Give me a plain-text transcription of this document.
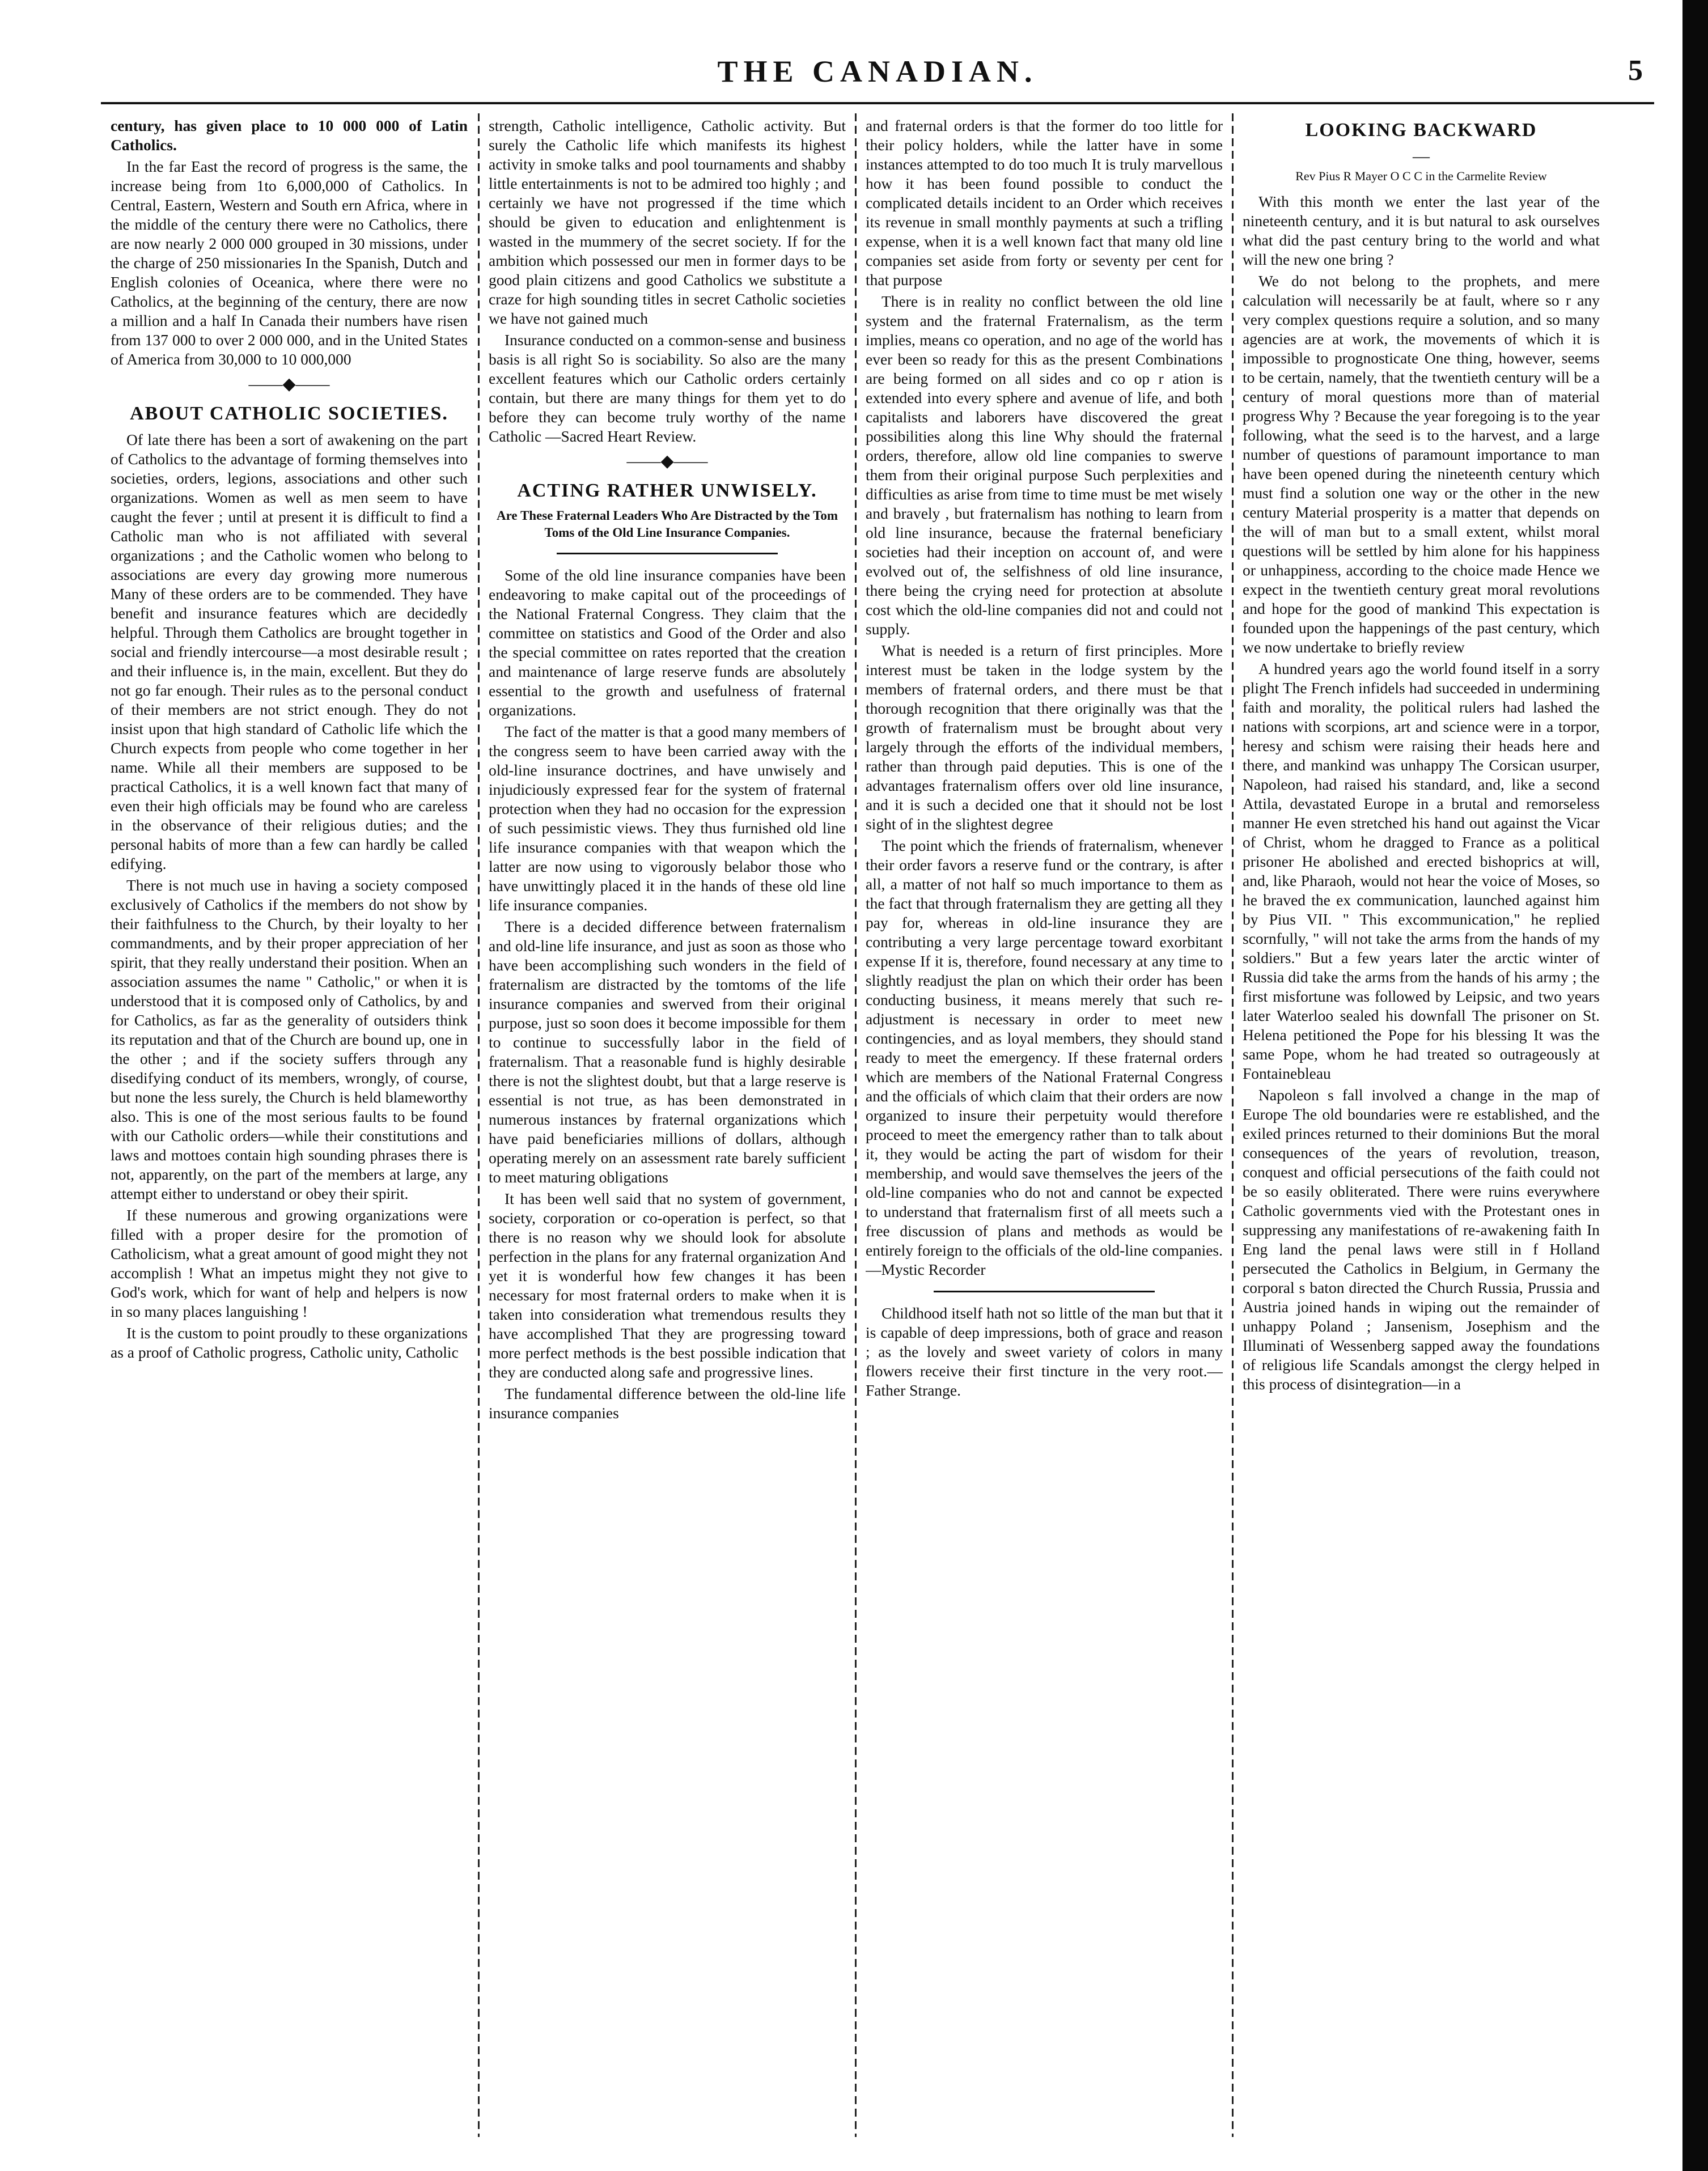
THE CANADIAN.	5

century, has given place to 10 000 000 of Latin Catholics.

In the far East the record of progress is the same, the increase being from 1to 6,000,000 of Catholics. In Central, Eastern, Western and South ern Africa, where in the middle of the century there were no Catholics, there are now nearly 2 000 000 grouped in 30 missions, under the charge of 250 missionaries In the Spanish, Dutch and English colonies of Oceanica, where there were no Catholics, at the beginning of the century, there are now a million and a half In Canada their numbers have risen from 137 000 to over 2 000 000, and in the United States of America from 30,000 to 10 000,000

——◆——
ABOUT CATHOLIC SOCIETIES.

Of late there has been a sort of awakening on the part of Catholics to the advantage of forming themselves into societies, orders, legions, associations and other such organizations. Women as well as men seem to have caught the fever ; until at present it is difficult to find a Catholic man who is not affiliated with several organizations ; and the Catholic women who belong to associations are every day growing more numerous Many of these orders are to be commended. They have benefit and insurance features which are decidedly helpful. Through them Catholics are brought together in social and friendly intercourse—a most desirable result ; and their influence is, in the main, excellent. But they do not go far enough. Their rules as to the personal conduct of their members are not strict enough. They do not insist upon that high standard of Catholic life which the Church expects from people who come together in her name. While all their members are supposed to be practical Catholics, it is a well known fact that many of even their high officials may be found who are careless in the observance of their religious duties; and the personal habits of more than a few can hardly be called edifying.

There is not much use in having a society composed exclusively of Catholics if the members do not show by their faithfulness to the Church, by their loyalty to her commandments, and by their proper appreciation of her spirit, that they really understand their position. When an association assumes the name " Catholic," or when it is understood that it is composed only of Catholics, by and for Catholics, as far as the generality of outsiders think its reputation and that of the Church are bound up, one in the other ; and if the society suffers through any disedifying conduct of its members, wrongly, of course, but none the less surely, the Church is held blameworthy also. This is one of the most serious faults to be found with our Catholic orders—while their constitutions and laws and mottoes contain high sounding phrases there is not, apparently, on the part of the members at large, any attempt either to understand or obey their spirit.

If these numerous and growing organizations were filled with a proper desire for the promotion of Catholicism, what a great amount of good might they not accomplish ! What an impetus might they not give to God's work, which for want of help and helpers is now in so many places languishing !

It is the custom to point proudly to these organizations as a proof of Catholic progress, Catholic unity, Catholic

strength, Catholic intelligence, Catholic activity. But surely the Catholic life which manifests its highest activity in smoke talks and pool tournaments and shabby little entertainments is not to be admired too highly ; and certainly we have not progressed if the time which should be given to education and enlightenment is wasted in the mummery of the secret society. If for the ambition which possessed our men in former days to be good plain citizens and good Catholics we substitute a craze for high sounding titles in secret Catholic societies we have not gained much

Insurance conducted on a common-sense and business basis is all right So is sociability. So also are the many excellent features which our Catholic orders certainly contain, but there are many things for them yet to do before they can become truly worthy of the name Catholic —Sacred Heart Review.

——◆——
ACTING RATHER UNWISELY.
Are These Fraternal Leaders Who Are Distracted by the Tom Toms of the Old Line Insurance Companies.

Some of the old line insurance companies have been endeavoring to make capital out of the proceedings of the National Fraternal Congress. They claim that the committee on statistics and Good of the Order and also the special committee on rates reported that the creation and maintenance of large reserve funds are absolutely essential to the growth and usefulness of fraternal organizations.

The fact of the matter is that a good many members of the congress seem to have been carried away with the old-line insurance doctrines, and have unwisely and injudiciously expressed fear for the system of fraternal protection when they had no occasion for the expression of such pessimistic views. They thus furnished old line life insurance companies with that weapon which the latter are now using to vigorously belabor those who have unwittingly placed it in the hands of these old line life insurance companies.

There is a decided difference between fraternalism and old-line life insurance, and just as soon as those who have been accomplishing such wonders in the field of fraternalism are distracted by the tomtoms of the life insurance companies and swerved from their original purpose, just so soon does it become impossible for them to continue to successfully labor in the field of fraternalism. That a reasonable fund is highly desirable there is not the slightest doubt, but that a large reserve is essential is not true, as has been demonstrated in numerous instances by fraternal organizations which have paid beneficiaries millions of dollars, although operating merely on an assessment rate barely sufficient to meet maturing obligations

It has been well said that no system of government, society, corporation or co-operation is perfect, so that there is no reason why we should look for absolute perfection in the plans for any fraternal organization And yet it is wonderful how few changes it has been necessary for most fraternal orders to make when it is taken into consideration what tremendous results they have accomplished That they are progressing toward more perfect methods is the best possible indication that they are conducted along safe and progressive lines.

The fundamental difference between the old-line life insurance companies

and fraternal orders is that the former do too little for their policy holders, while the latter have in some instances attempted to do too much It is truly marvellous how it has been found possible to conduct the complicated details incident to an Order which receives its revenue in small monthly payments at such a trifling expense, when it is a well known fact that many old line companies set aside from forty or seventy per cent for that purpose

There is in reality no conflict between the old line system and the fraternal Fraternalism, as the term implies, means co operation, and no age of the world has ever been so ready for this as the present Combinations are being formed on all sides and co op r ation is extended into every sphere and avenue of life, and both capitalists and laborers have discovered the great possibilities along this line Why should the fraternal orders, therefore, allow old line companies to swerve them from their original purpose Such perplexities and difficulties as arise from time to time must be met wisely and bravely , but fraternalism has nothing to learn from old line insurance, because the fraternal beneficiary societies had their inception on account of, and were evolved out of, the selfishness of old line insurance, there being the crying need for protection at absolute cost which the old-line companies did not and could not supply.

What is needed is a return of first principles. More interest must be taken in the lodge system by the members of fraternal orders, and there must be that thorough recognition that there originally was that the growth of fraternalism must be brought about very largely through the efforts of the individual members, rather than through paid deputies. This is one of the advantages fraternalism offers over old line insurance, and it is such a decided one that it should not be lost sight of in the slightest degree

The point which the friends of fraternalism, whenever their order favors a reserve fund or the contrary, is after all, a matter of not half so much importance to them as the fact that through fraternalism they are getting all they pay for, whereas in old-line insurance they are contributing a very large percentage toward exorbitant expense If it is, therefore, found necessary at any time to slightly readjust the plan on which their order has been conducting business, it means merely that such re-adjustment is necessary in order to meet new contingencies, and as loyal members, they should stand ready to meet the emergency. If these fraternal orders which are members of the National Fraternal Congress and the officials of which claim that their orders are now organized to insure their perpetuity would therefore proceed to meet the emergency rather than to talk about it, they would be acting the part of wisdom for their membership, and would save themselves the jeers of the old-line companies who do not and cannot be expected to understand that fraternalism first of all meets such a free discussion of plans and methods as would be entirely foreign to the officials of the old-line companies.—Mystic Recorder

Childhood itself hath not so little of the man but that it is capable of deep impressions, both of grace and reason ; as the lovely and sweet variety of colors in many flowers receive their first tincture in the very root.—Father Strange.

LOOKING BACKWARD
—
Rev Pius R Mayer O C C in the Carmelite Review

With this month we enter the last year of the nineteenth century, and it is but natural to ask ourselves what did the past century bring to the world and what will the new one bring ?

We do not belong to the prophets, and mere calculation will necessarily be at fault, where so r any very complex questions require a solution, and so many agencies are at work, the movements of which it is impossible to prognosticate One thing, however, seems to be certain, namely, that the twentieth century will be a century of moral questions more than of material progress Why ? Because the year foregoing is to the year following, what the seed is to the harvest, and a large number of questions of paramount importance to man have been opened during the nineteenth century which must find a solution one way or the other in the new century Material prosperity is a matter that depends on the will of man but to a small extent, whilst moral questions will be settled by him alone for his happiness or unhappiness, according to the choice made Hence we expect in the twentieth century great moral revolutions and hope for the good of mankind This expectation is founded upon the happenings of the past century, which we now undertake to briefly review

A hundred years ago the world found itself in a sorry plight The French infidels had succeeded in undermining faith and morality, the political rulers had lashed the nations with scorpions, art and science were in a torpor, heresy and schism were raising their heads here and there, and mankind was unhappy The Corsican usurper, Napoleon, had raised his standard, and, like a second Attila, devastated Europe in a brutal and remorseless manner He even stretched his hand out against the Vicar of Christ, whom he dragged to France as a political prisoner He abolished and erected bishoprics at will, and, like Pharaoh, would not hear the voice of Moses, so he braved the ex communication, launched against him by Pius VII. " This excommunication," he replied scornfully, " will not take the arms from the hands of my soldiers." But a few years later the arctic winter of Russia did take the arms from the hands of his army ; the first misfortune was followed by Leipsic, and two years later Waterloo sealed his downfall The prisoner on St. Helena petitioned the Pope for his blessing It was the same Pope, whom he had treated so outrageously at Fontainebleau

Napoleon s fall involved a change in the map of Europe The old boundaries were re established, and the exiled princes returned to their dominions But the moral consequences of the years of revolution, treason, conquest and official persecutions of the faith could not be so easily obliterated. There were ruins everywhere Catholic governments vied with the Protestant ones in suppressing any manifestations of re-awakening faith In Eng land the penal laws were still in f Holland persecuted the Catholics in Belgium, in Germany the corporal s baton directed the Church Russia, Prussia and Austria joined hands in wiping out the remainder of unhappy Poland ; Jansenism, Josephism and the Illuminati of Wessenberg sapped away the foundations of religious life Scandals amongst the clergy helped in this process of disintegration—in a
